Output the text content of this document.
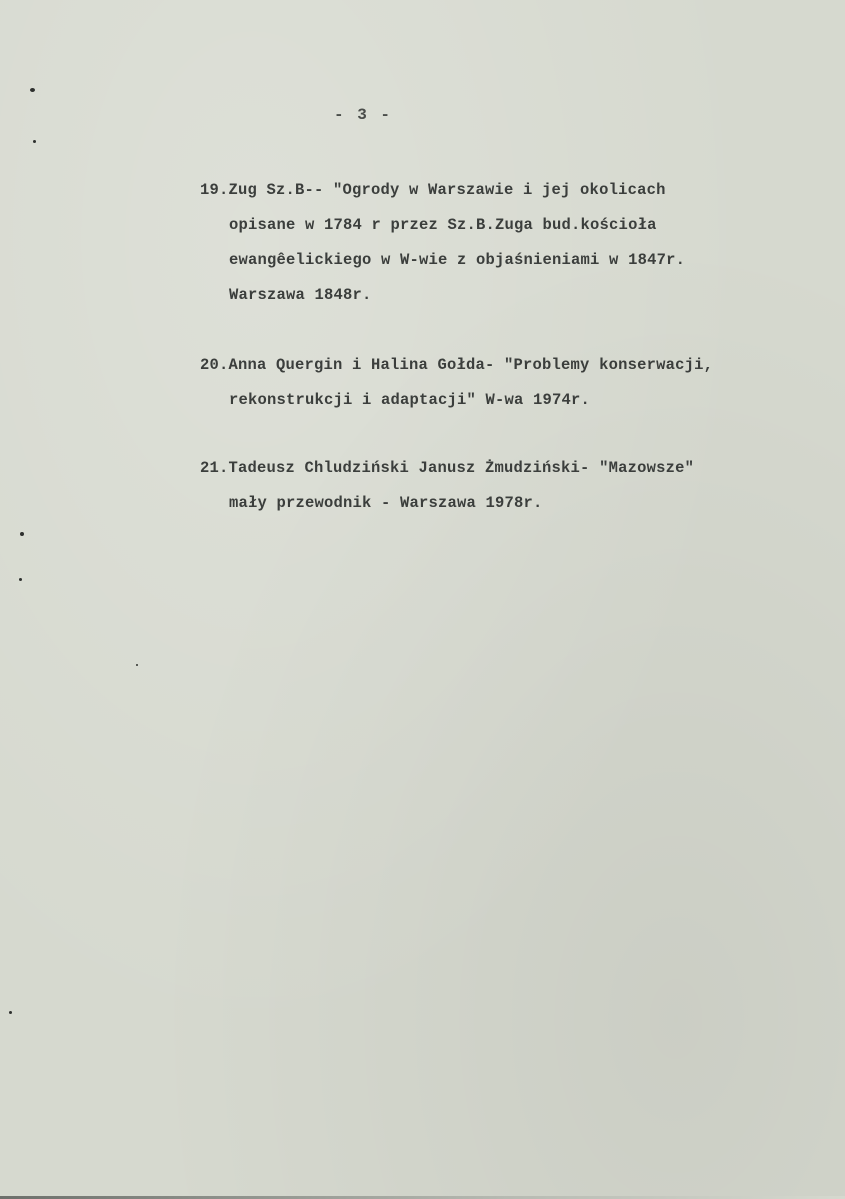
- 3 -
19.Zug Sz.B-- "Ogrody w Warszawie i jej okolicach
opisane w 1784 r przez Sz.B.Zuga bud.kościoła
ewangêelickiego w W-wie z objaśnieniami w 1847r.
Warszawa 1848r.
20.Anna Quergin i Halina Gołda- "Problemy konserwacji,
rekonstrukcji i adaptacji" W-wa 1974r.
21.Tadeusz Chludziński Janusz Żmudziński- "Mazowsze"
mały przewodnik - Warszawa 1978r.
